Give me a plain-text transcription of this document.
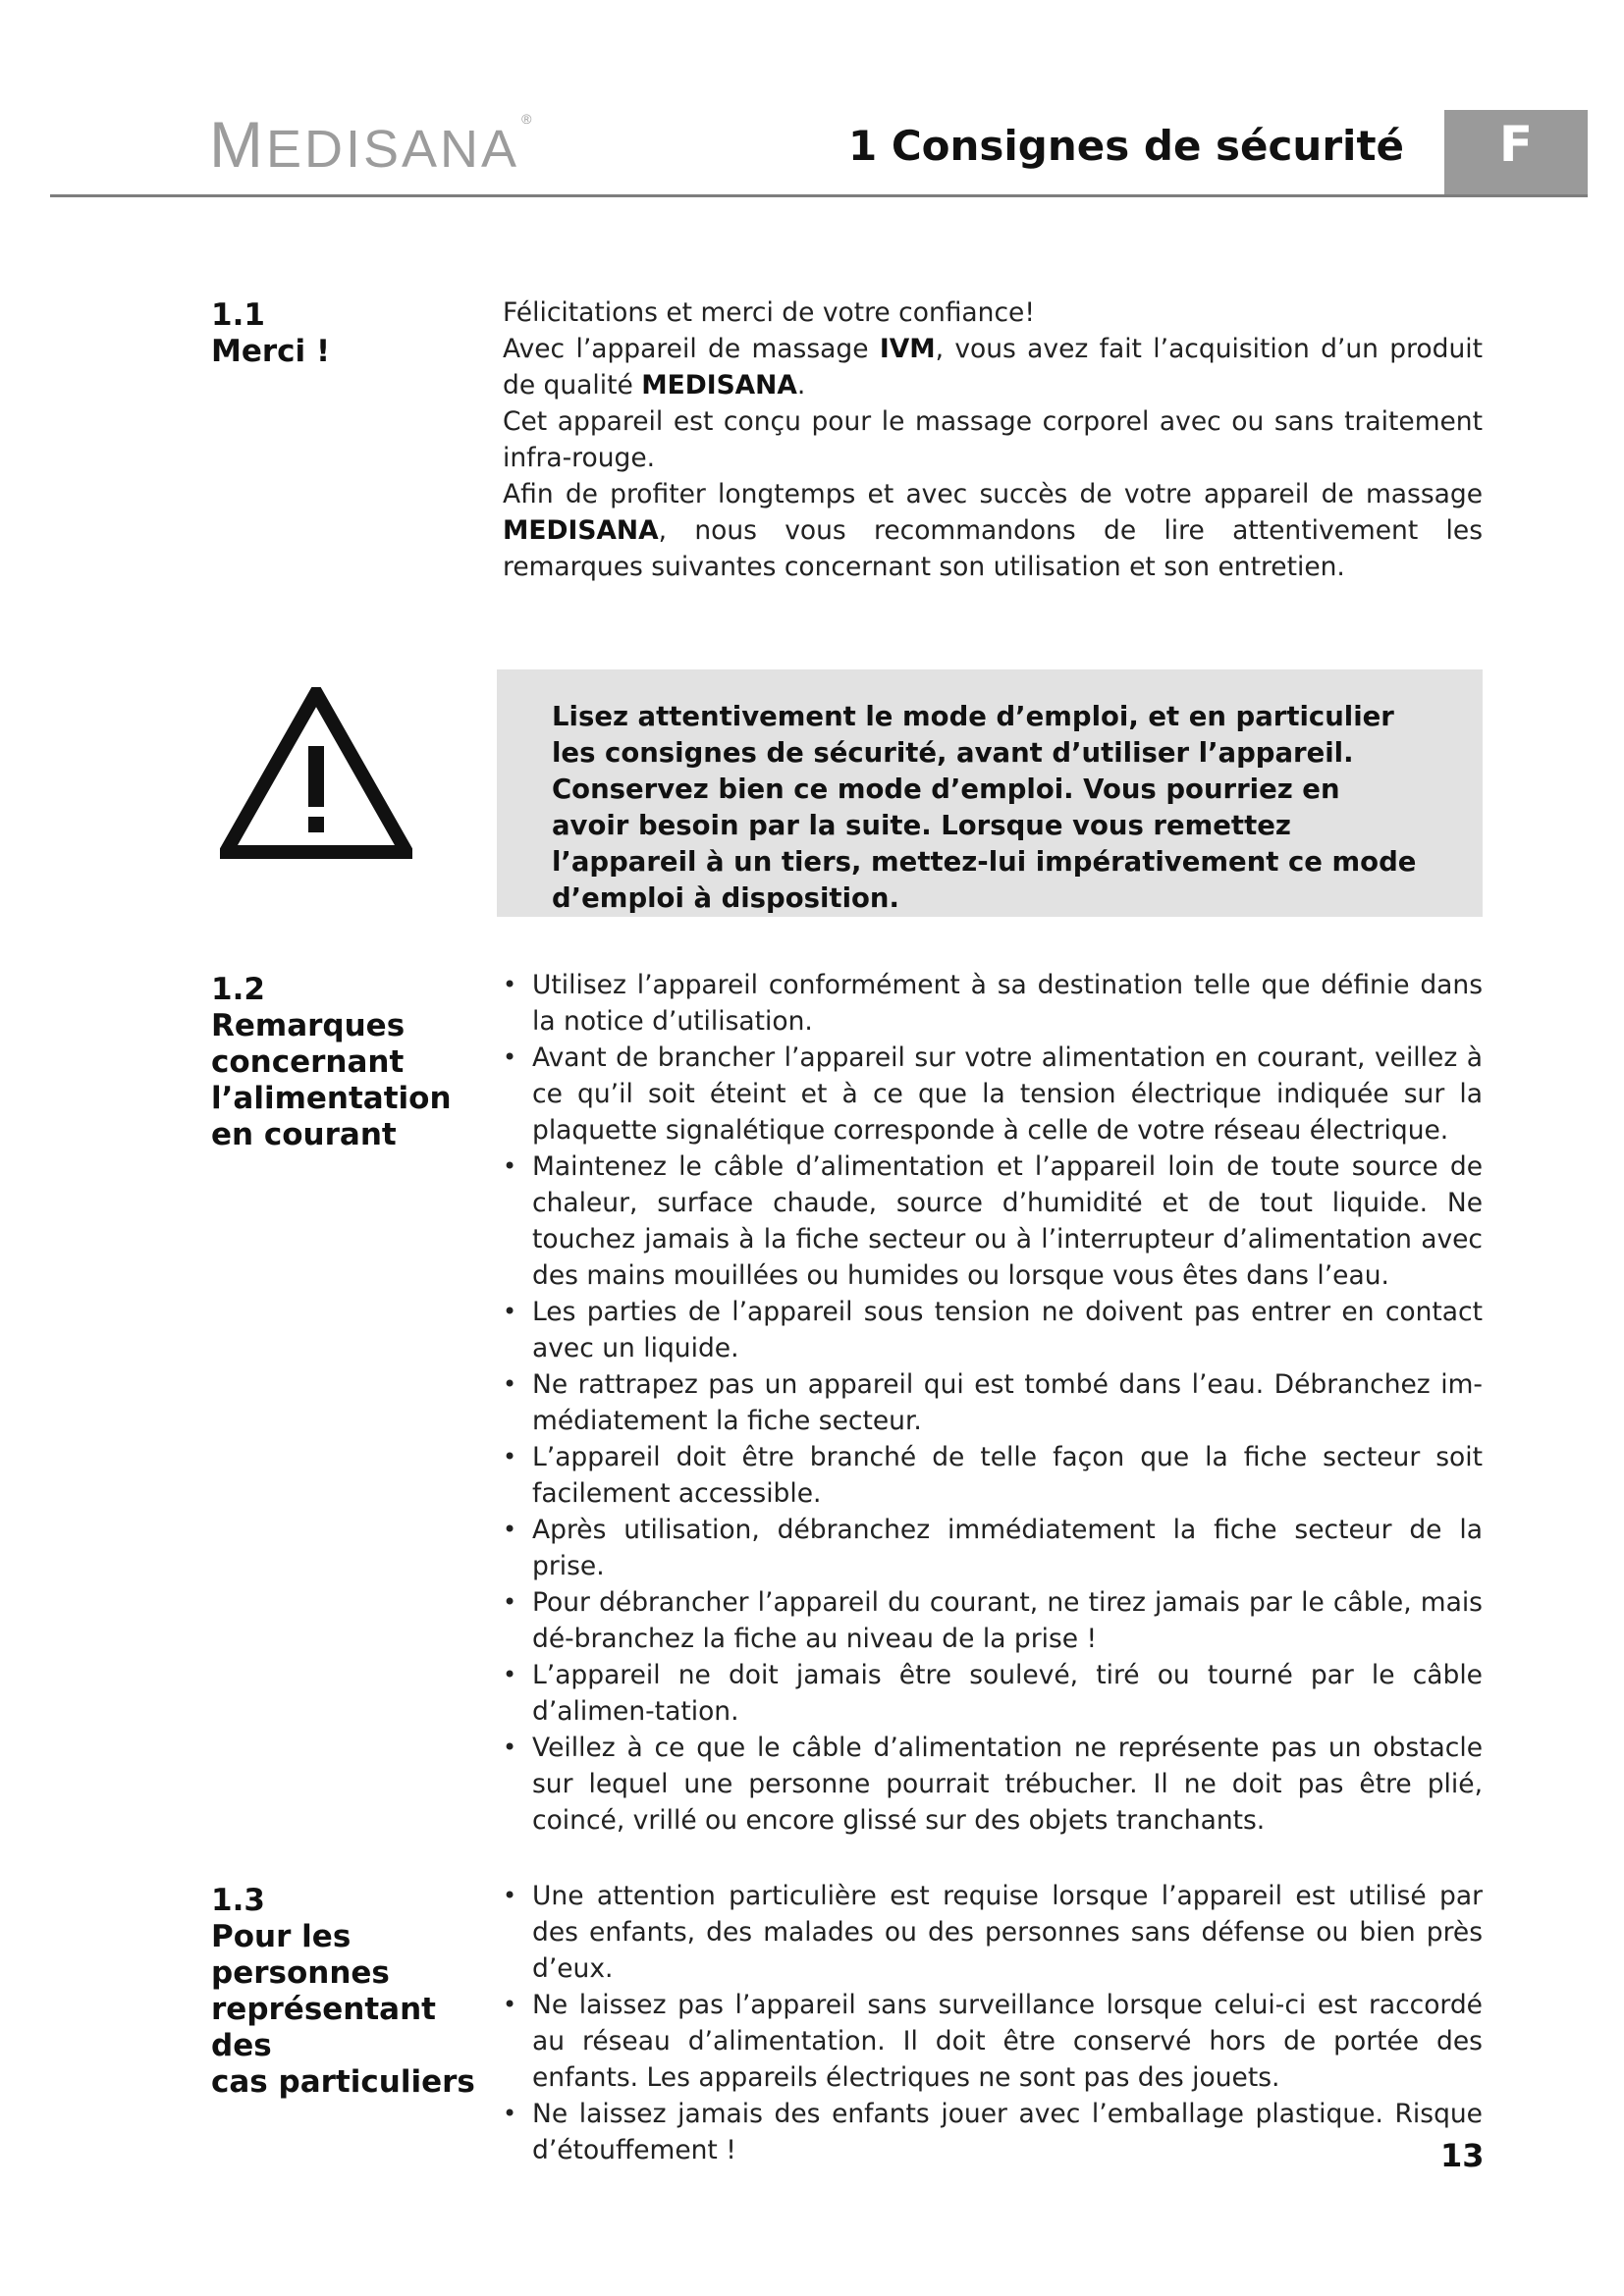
MEDISANA®
1 Consignes de sécurité	F
1.1
Merci !

Félicitations et merci de votre confiance!

Avec l’appareil de massage IVM, vous avez fait l’acquisition d’un produit de qualité MEDISANA.

Cet appareil est conçu pour le massage corporel avec ou sans traitement infra-rouge.

Afin de profiter longtemps et avec succès de votre appareil de massage MEDISANA, nous vous recommandons de lire attentivement les remarques suivantes concernant son utilisation et son entretien.

Lisez attentivement le mode d’emploi, et en particulier les consignes de sécurité, avant d’utiliser l’appareil. Conservez bien ce mode d’emploi. Vous pourriez en avoir besoin par la suite. Lorsque vous remettez l’appareil à un tiers, mettez-lui impérativement ce mode d’emploi à disposition.
1.2
Remarques
concernant
l’alimentation
en courant
• Utilisez l’appareil conformément à sa destination telle que définie dans la notice d’utilisation.
• Avant de brancher l’appareil sur votre alimentation en courant, veillez à ce qu’il soit éteint et à ce que la tension électrique indiquée sur la plaquette signalétique corresponde à celle de votre réseau électrique.
• Maintenez le câble d’alimentation et l’appareil loin de toute source de chaleur, surface chaude, source d’humidité et de tout liquide. Ne touchez jamais à la fiche secteur ou à l’interrupteur d’alimentation avec des mains mouillées ou humides ou lorsque vous êtes dans l’eau.
• Les parties de l’appareil sous tension ne doivent pas entrer en contact avec un liquide.
• Ne rattrapez pas un appareil qui est tombé dans l’eau. Débranchez im-médiatement la fiche secteur.
• L’appareil doit être branché de telle façon que la fiche secteur soit facilement accessible.
• Après utilisation, débranchez immédiatement la fiche secteur de la prise.
• Pour débrancher l’appareil du courant, ne tirez jamais par le câble, mais dé-branchez la fiche au niveau de la prise !
• L’appareil ne doit jamais être soulevé, tiré ou tourné par le câble d’alimen-tation.
• Veillez à ce que le câble d’alimentation ne représente pas un obstacle sur lequel une personne pourrait trébucher. Il ne doit pas être plié, coincé, vrillé ou encore glissé sur des objets tranchants.
1.3
Pour les personnes
représentant des
cas particuliers
• Une attention particulière est requise lorsque l’appareil est utilisé par des enfants, des malades ou des personnes sans défense ou bien près d’eux.
• Ne laissez pas l’appareil sans surveillance lorsque celui-ci est raccordé au réseau d’alimentation. Il doit être conservé hors de portée des enfants. Les appareils électriques ne sont pas des jouets.
• Ne laissez jamais des enfants jouer avec l’emballage plastique. Risque d’étouffement !	13
